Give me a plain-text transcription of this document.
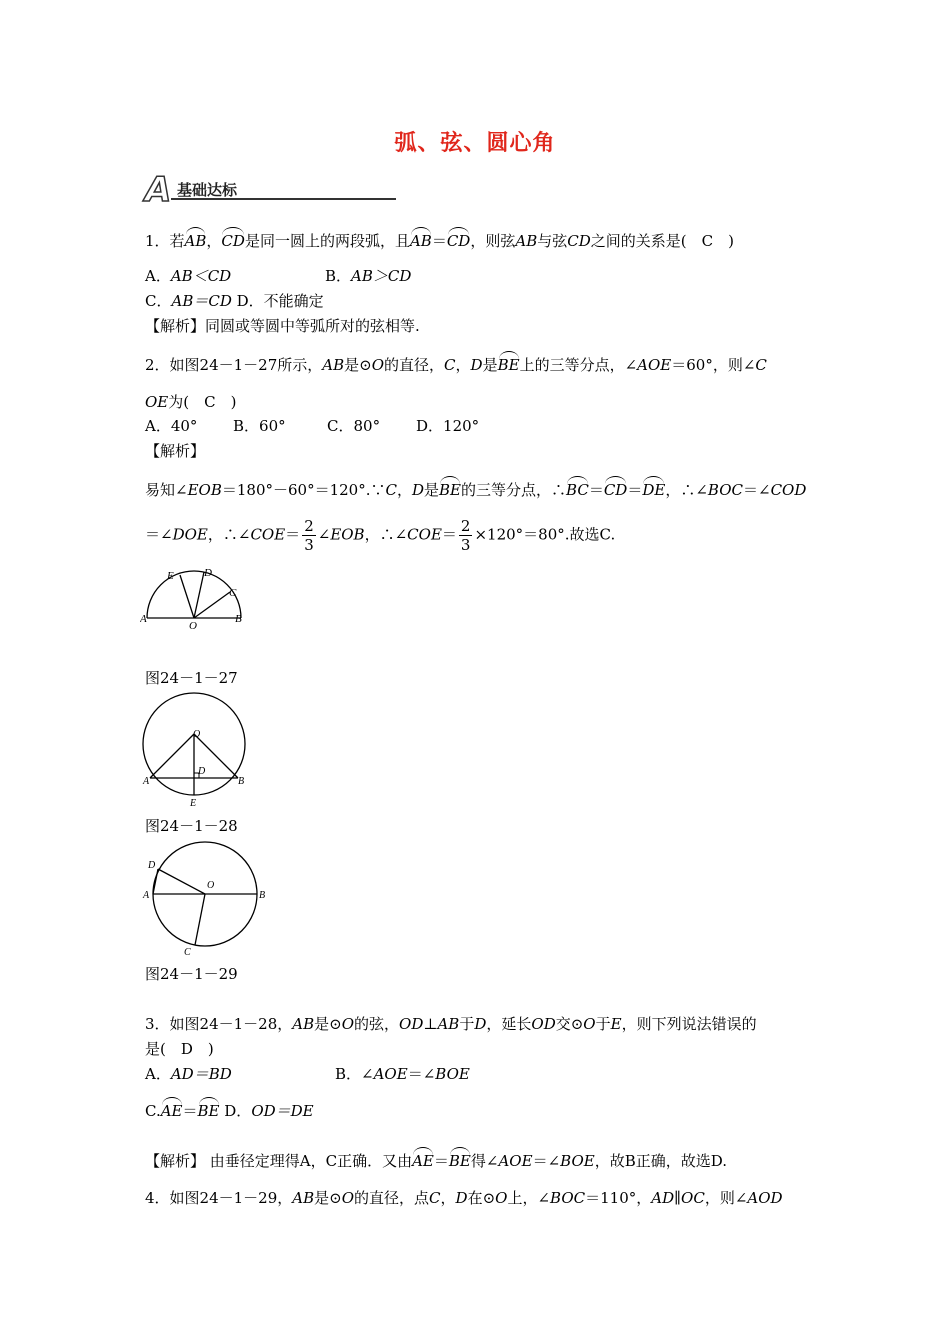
弧、弦、圆心角
A 基础达标
1．若AB，CD是同一圆上的两段弧，且AB＝CD，则弦AB与弦CD之间的关系是(　C　)
A．AB＜CD	B．AB＞CD
C．AB＝CD D．不能确定
【解析】同圆或等圆中等弧所对的弦相等.
2．如图24－1－27所示，AB是⊙O的直径，C，D是BE上的三等分点，∠AOE＝60°，则∠C
OE为(　C　)
A．40° B．60°	C．80° D．120°
【解析】
易知∠EOB＝180°－60°＝120°.∵C，D是BE的三等分点，∴BC＝CD＝DE，∴∠BOC＝∠COD
＝∠DOE，∴∠COE＝ $\frac{2}{3}$ ∠EOB，∴∠COE＝ $\frac{2}{3} \times 120^\circ=80^\circ$.故选C.
A	B
O
C
D
E
图24－1－27
O
A	B
D
E
图24－1－28
A	B
O
D
C
图24－1－29
3．如图24－1－28，AB是⊙O的弦，OD⊥AB于D，延长OD交⊙O于E，则下列说法错误的
是(　D　)
A．AD＝BD	B．∠AOE＝∠BOE
C.AE＝BE D．OD＝DE
【解析】 由垂径定理得A，C正确．又由AE＝BE得∠AOE＝∠BOE，故B正确，故选D.
4．如图24－1－29，AB是⊙O的直径，点C，D在⊙O上，∠BOC＝110°，AD∥OC，则∠AOD
